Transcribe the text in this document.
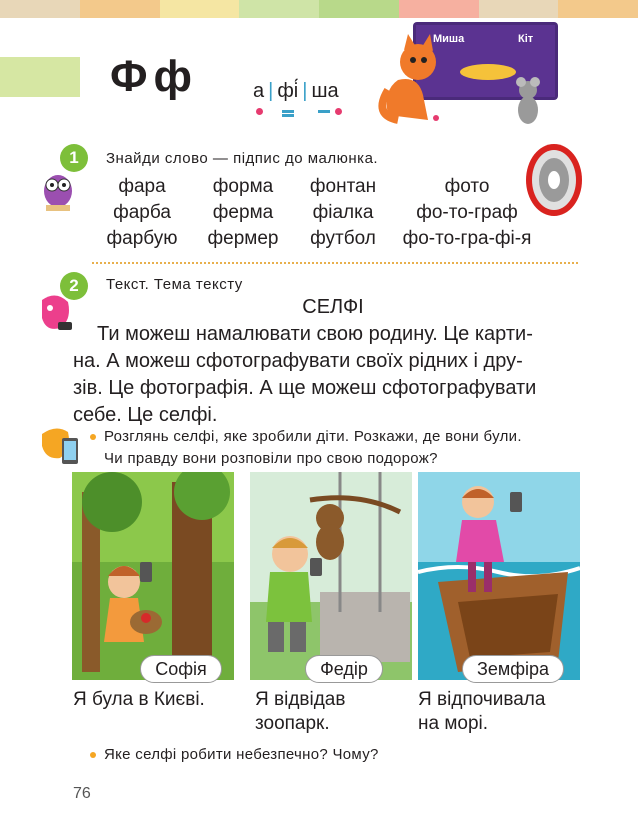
Фф	а | фі́ | ша
Миша	Кіт
1	Знайди слово — підпис до малюнка.
фара	форма	фонтан	фото
фарба	ферма	фіалка	фо-то-граф
фарбую	фермер	футбол	фо-то-гра-фі-я
2	Текст. Тема тексту
СЕЛФІ
Ти можеш намалювати свою родину. Це карти-
на. А можеш сфотографувати своїх рідних і дру-
зів. Це фотографія. А ще можеш сфотографувати
себе. Це селфі.
Розглянь селфі, яке зробили діти. Розкажи, де вони були.
Чи правду вони розповіли про свою подорож?
Софія	Федір	Земфіра
Я була в Києві.	Я відвідав
зоопарк.
Я відпочивала
на морі.
Яке селфі робити небезпечно? Чому?
76
